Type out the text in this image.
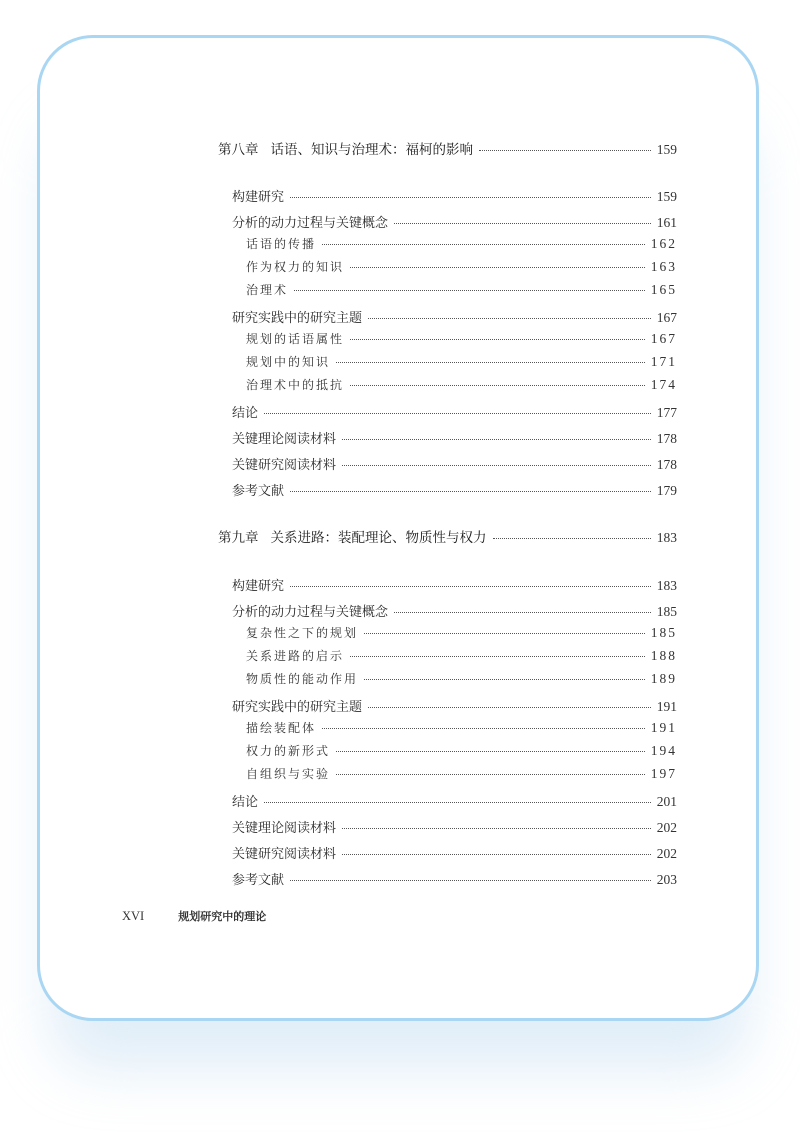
第八章 话语、知识与治理术：福柯的影响	159
构建研究	159
分析的动力过程与关键概念	161
话语的传播	162
作为权力的知识	163
治理术	165
研究实践中的研究主题	167
规划的话语属性	167
规划中的知识	171
治理术中的抵抗	174
结论	177
关键理论阅读材料	178
关键研究阅读材料	178
参考文献	179
第九章 关系进路：装配理论、物质性与权力	183
构建研究	183
分析的动力过程与关键概念	185
复杂性之下的规划	185
关系进路的启示	188
物质性的能动作用	189
研究实践中的研究主题	191
描绘装配体	191
权力的新形式	194
自组织与实验	197
结论	201
关键理论阅读材料	202
关键研究阅读材料	202
参考文献	203
XVI	规划研究中的理论
